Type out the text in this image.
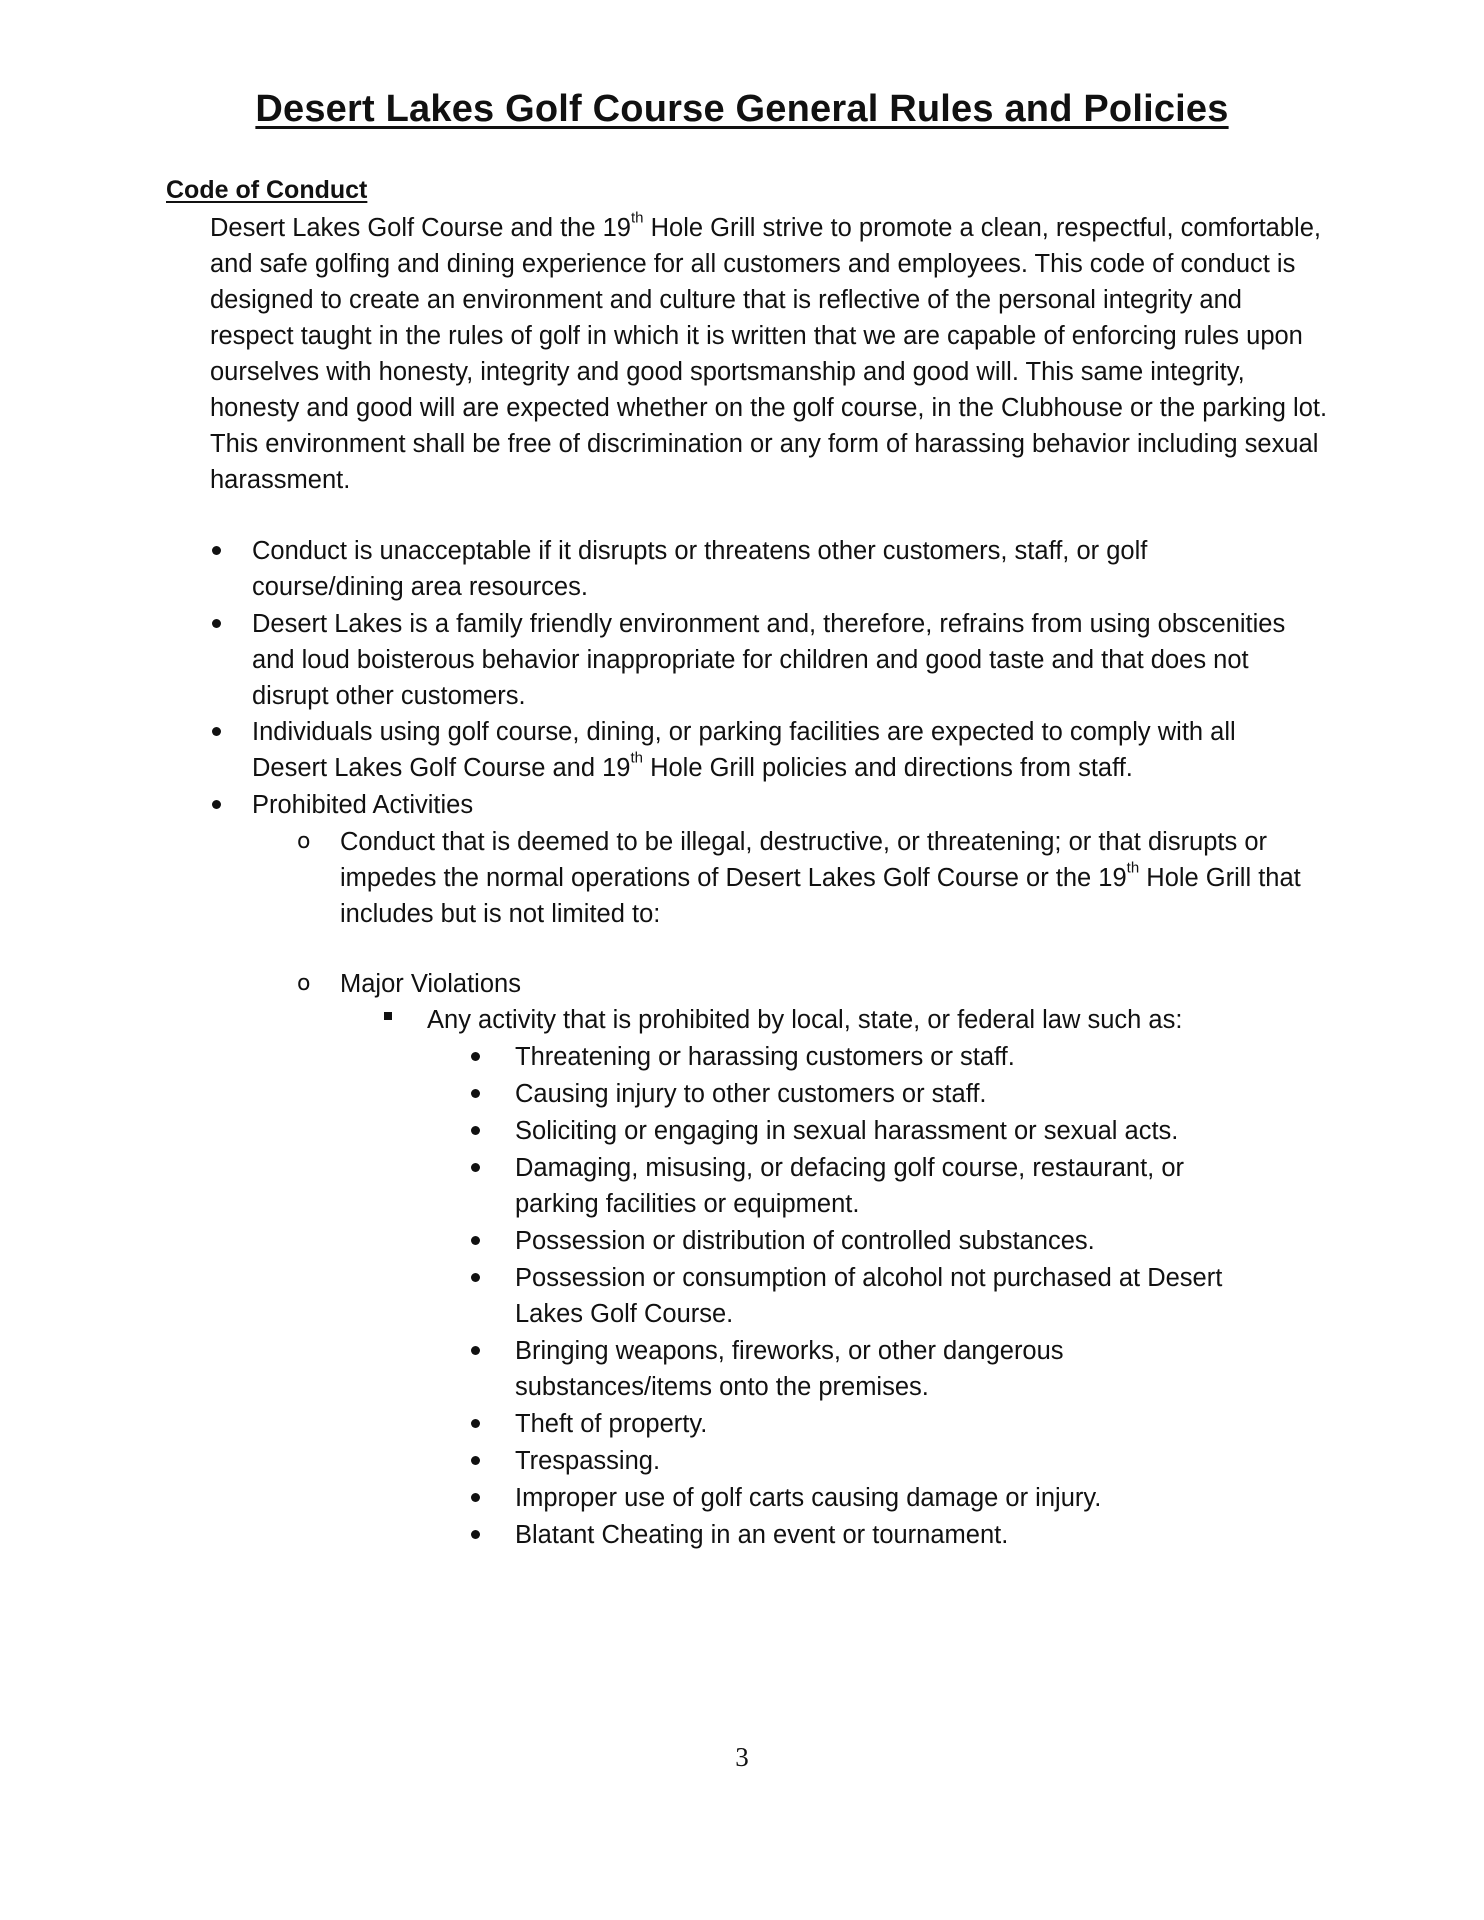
Desert Lakes Golf Course General Rules and Policies
Code of Conduct

Desert Lakes Golf Course and the 19th Hole Grill strive to promote a clean, respectful, comfortable, and safe golfing and dining experience for all customers and employees. This code of conduct is designed to create an environment and culture that is reflective of the personal integrity and respect taught in the rules of golf in which it is written that we are capable of enforcing rules upon ourselves with honesty, integrity and good sportsmanship and good will. This same integrity, honesty and good will are expected whether on the golf course, in the Clubhouse or the parking lot. This environment shall be free of discrimination or any form of harassing behavior including sexual harassment.

Conduct is unacceptable if it disrupts or threatens other customers, staff, or golf course/dining area resources.
Desert Lakes is a family friendly environment and, therefore, refrains from using obscenities and loud boisterous behavior inappropriate for children and good taste and that does not disrupt other customers.
Individuals using golf course, dining, or parking facilities are expected to comply with all Desert Lakes Golf Course and 19th Hole Grill policies and directions from staff.
Prohibited Activities
o Conduct that is deemed to be illegal, destructive, or threatening; or that disrupts or impedes the normal operations of Desert Lakes Golf Course or the 19th Hole Grill that includes but is not limited to:
o Major Violations
Any activity that is prohibited by local, state, or federal law such as:
Threatening or harassing customers or staff.
Causing injury to other customers or staff.
Soliciting or engaging in sexual harassment or sexual acts.
Damaging, misusing, or defacing golf course, restaurant, or parking facilities or equipment.
Possession or distribution of controlled substances.
Possession or consumption of alcohol not purchased at Desert Lakes Golf Course.
Bringing weapons, fireworks, or other dangerous substances/items onto the premises.
Theft of property.
Trespassing.
Improper use of golf carts causing damage or injury.
Blatant Cheating in an event or tournament.
3
